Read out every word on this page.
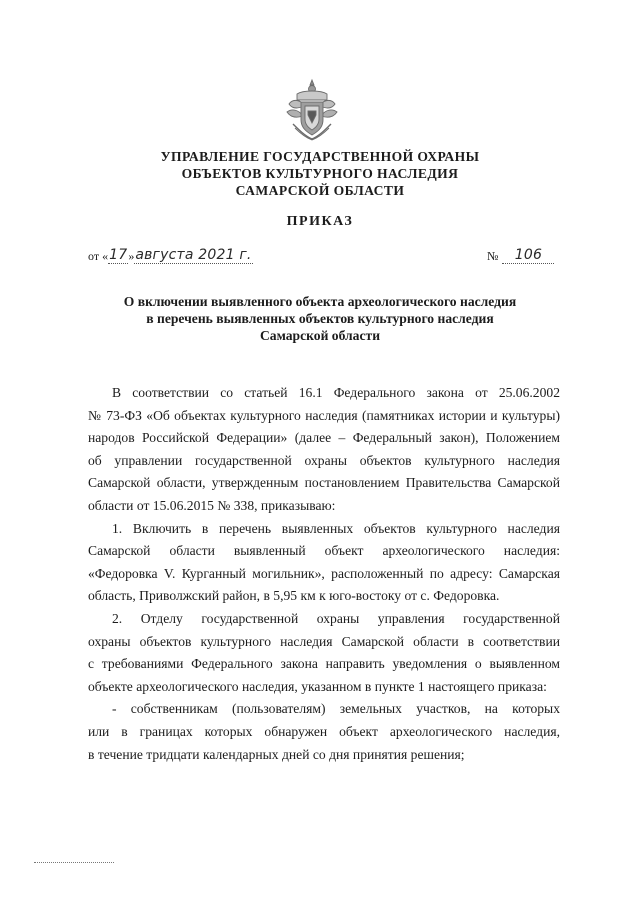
УПРАВЛЕНИЕ ГОСУДАРСТВЕННОЙ ОХРАНЫ
ОБЪЕКТОВ КУЛЬТУРНОГО НАСЛЕДИЯ
САМАРСКОЙ ОБЛАСТИ
ПРИКАЗ
от « 17 » августа 2021 г.	№	106
О включении выявленного объекта археологического наследия
в перечень выявленных объектов культурного наследия
Самарской области

В соответствии со статьей 16.1 Федерального закона от 25.06.2002

№ 73-ФЗ «Об объектах культурного наследия (памятниках истории и культуры)

народов Российской Федерации» (далее – Федеральный закон), Положением

об управлении государственной охраны объектов культурного наследия

Самарской области, утвержденным постановлением Правительства Самарской

области от 15.06.2015 № 338, приказываю:

1. Включить в перечень выявленных объектов культурного наследия

Самарской области выявленный объект археологического наследия:

«Федоровка V. Курганный могильник», расположенный по адресу: Самарская

область, Приволжский район, в 5,95 км к юго-востоку от с. Федоровка.

2. Отделу государственной охраны управления государственной

охраны объектов культурного наследия Самарской области в соответствии

с требованиями Федерального закона направить уведомления о выявленном

объекте археологического наследия, указанном в пункте 1 настоящего приказа:

- собственникам (пользователям) земельных участков, на которых

или в границах которых обнаружен объект археологического наследия,

в течение тридцати календарных дней со дня принятия решения;
